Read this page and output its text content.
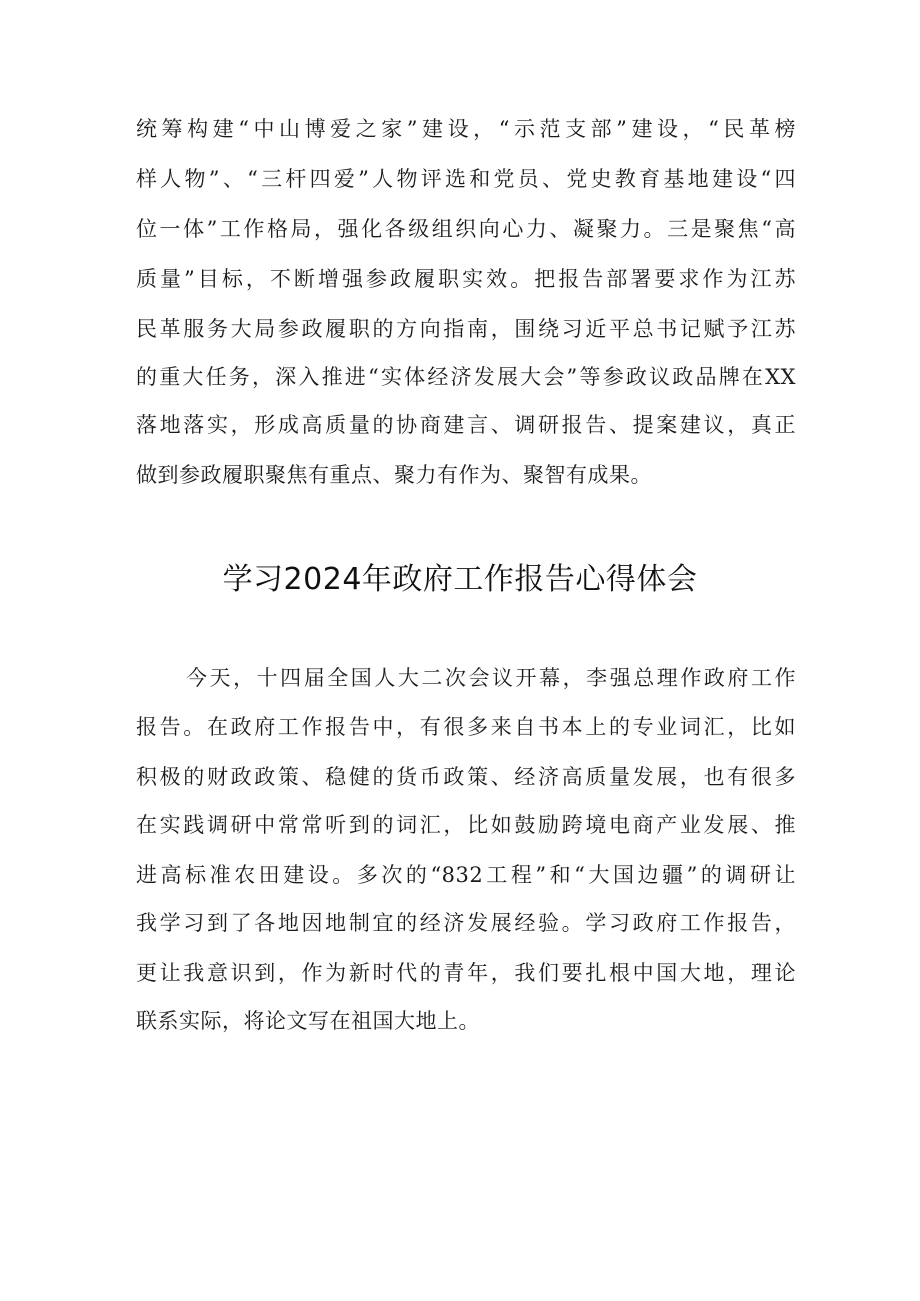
统筹构建“中山博爱之家”建设，“示范支部”建设，“民革榜
样人物”、“三杆四爱”人物评选和党员、党史教育基地建设“四
位一体”工作格局，强化各级组织向心力、凝聚力。三是聚焦“高
质量”目标，不断增强参政履职实效。把报告部署要求作为江苏
民革服务大局参政履职的方向指南，围绕习近平总书记赋予江苏
的重大任务，深入推进“实体经济发展大会”等参政议政品牌在XX
落地落实，形成高质量的协商建言、调研报告、提案建议，真正
做到参政履职聚焦有重点、聚力有作为、聚智有成果。
学习2024年政府工作报告心得体会
今天，十四届全国人大二次会议开幕，李强总理作政府工作
报告。在政府工作报告中，有很多来自书本上的专业词汇，比如
积极的财政政策、稳健的货币政策、经济高质量发展，也有很多
在实践调研中常常听到的词汇，比如鼓励跨境电商产业发展、推
进高标准农田建设。多次的“832工程”和“大国边疆”的调研让
我学习到了各地因地制宜的经济发展经验。学习政府工作报告，
更让我意识到，作为新时代的青年，我们要扎根中国大地，理论
联系实际，将论文写在祖国大地上。
